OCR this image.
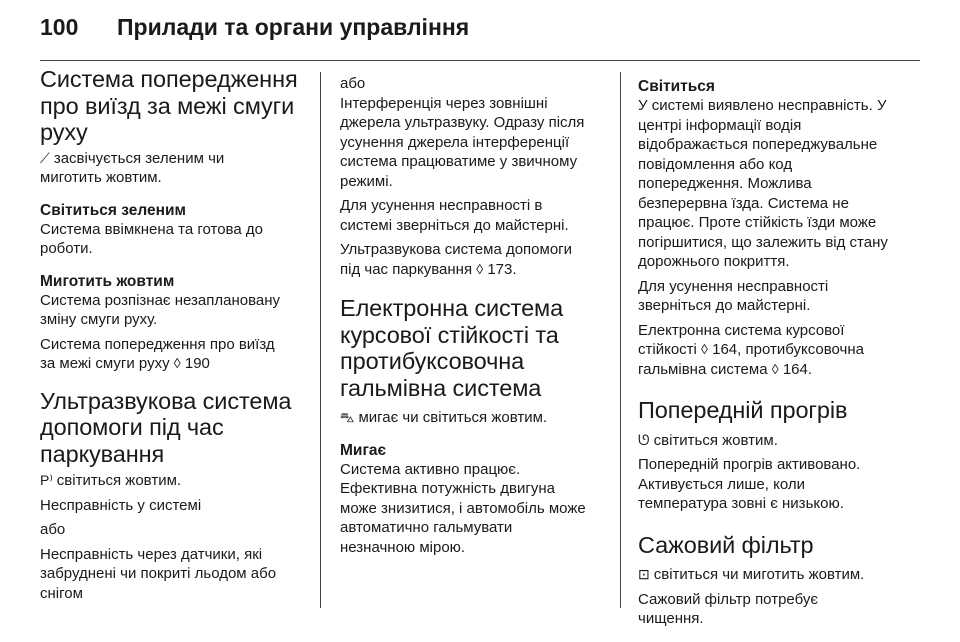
100 Прилади та органи управління
Система попередження
про виїзд за межі смуги
руху
⟋ засвічується зеленим чи
миготить жовтим.
Світиться зеленим
Система ввімкнена та готова до
роботи.
Миготить жовтим
Система розпізнає незаплановану
зміну смуги руху.
Система попередження про виїзд
за межі смуги руху ◊ 190
Ультразвукова система
допомоги під час
паркування
P⁾ світиться жовтим.
Несправність у системі
або
Несправність через датчики, які
забруднені чи покриті льодом або
снігом
або
Інтерференція через зовнішні
джерела ультразвуку. Одразу після
усунення джерела інтерференції
система працюватиме у звичному
режимі.
Для усунення несправності в
системі зверніться до майстерні.
Ультразвукова система допомоги
під час паркування ◊ 173.
Електронна система
курсової стійкості та
протибуксовочна
гальмівна система
⛍ мигає чи світиться жовтим.
Мигає
Система активно працює.
Ефективна потужність двигуна
може знизитися, і автомобіль може
автоматично гальмувати
незначною мірою.
Світиться
У системі виявлено несправність. У
центрі інформації водія
відображається попереджувальне
повідомлення або код
попередження. Можлива
безперервна їзда. Система не
працює. Проте стійкість їзди може
погіршитися, що залежить від стану
дорожнього покриття.
Для усунення несправності
зверніться до майстерні.
Електронна система курсової
стійкості ◊ 164, протибуксовочна
гальмівна система ◊ 164.
Попередній прогрів
ᘎ світиться жовтим.
Попередній прогрів активовано.
Активується лише, коли
температура зовні є низькою.
Сажовий фільтр
⊡ світиться чи миготить жовтим.
Сажовий фільтр потребує
чищення.
